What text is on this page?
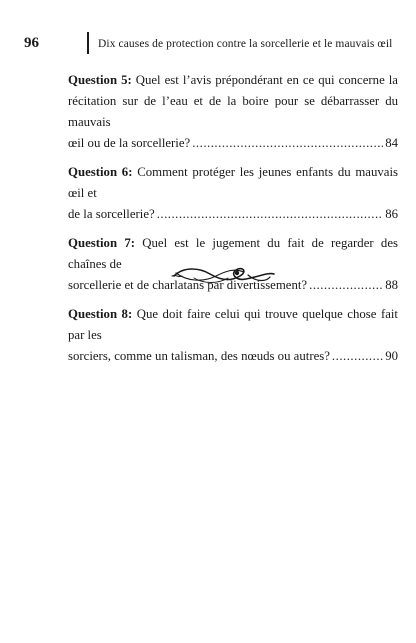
96	Dix causes de protection contre la sorcellerie et le mauvais œil
Question 5: Quel est l’avis prépondérant en ce qui concerne la récitation sur de l’eau et de la boire pour se débarrasser du mauvais
œil ou de la sorcellerie? .....	84
Question 6: Comment protéger les jeunes enfants du mauvais œil et
de la sorcellerie? .....	86
Question 7: Quel est le jugement du fait de regarder des chaînes de
sorcellerie et de charlatans par divertissement? .....	88
Question 8: Que doit faire celui qui trouve quelque chose fait par les
sorciers, comme un talisman, des nœuds ou autres? .....	90
